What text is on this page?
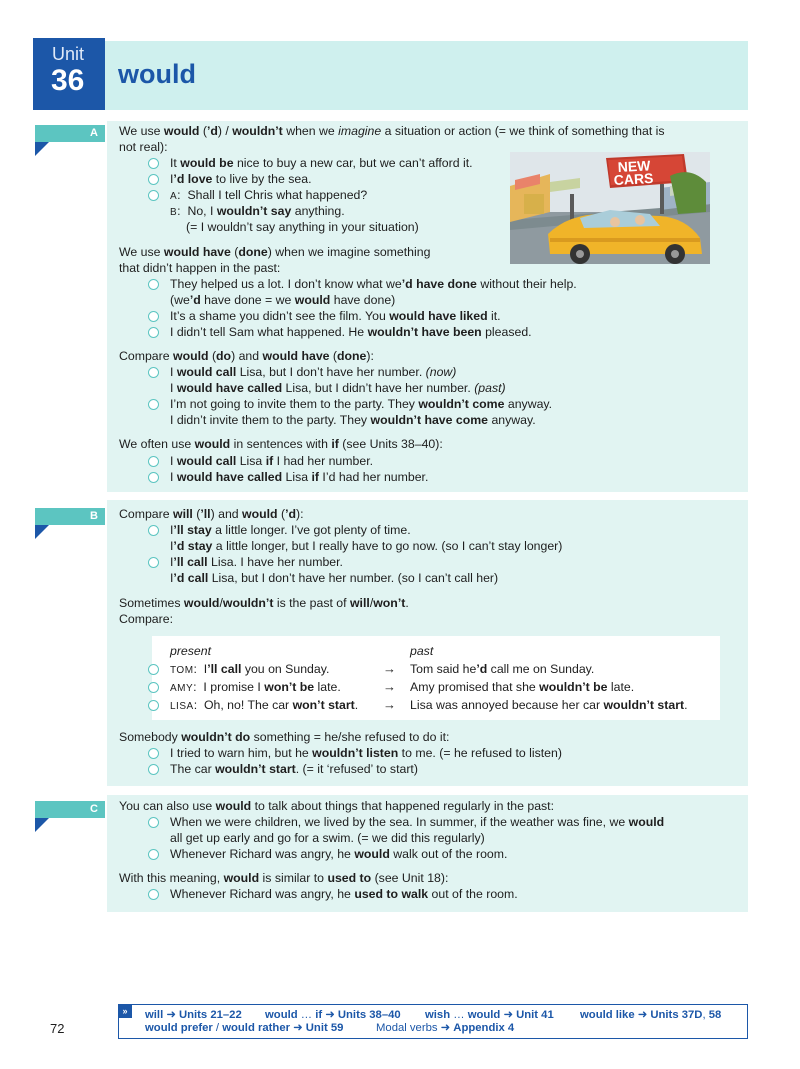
Unit
36 would
A	We use would (’d) / wouldn’t when we imagine a situation or action (= we think of something that is
not real):
It would be nice to buy a new car, but we can’t afford it.
I’d love to live by the sea.
A: Shall I tell Chris what happened?
B: No, I wouldn’t say anything.
(= I wouldn’t say anything in your situation)
NEW
CARS
We use would have (done) when we imagine something
that didn’t happen in the past:
They helped us a lot. I don’t know what we’d have done without their help.
(we’d have done = we would have done)
It’s a shame you didn’t see the film. You would have liked it.
I didn’t tell Sam what happened. He wouldn’t have been pleased.
Compare would (do) and would have (done):
I would call Lisa, but I don’t have her number. (now)
I would have called Lisa, but I didn’t have her number. (past)
I’m not going to invite them to the party. They wouldn’t come anyway.
I didn’t invite them to the party. They wouldn’t have come anyway.
We often use would in sentences with if (see Units 38–40):
I would call Lisa if I had her number.
I would have called Lisa if I’d had her number.
B	Compare will (’ll) and would (’d):
I’ll stay a little longer. I’ve got plenty of time.
I’d stay a little longer, but I really have to go now. (so I can’t stay longer)
I’ll call Lisa. I have her number.
I’d call Lisa, but I don’t have her number. (so I can’t call her)
Sometimes would/wouldn’t is the past of will/won’t.
Compare:
present	past
TOM:  I’ll call you on Sunday.	→ Tom said he’d call me on Sunday.
AMY:  I promise I won’t be late.	→ Amy promised that she wouldn’t be late.
LISA:  Oh, no! The car won’t start. → Lisa was annoyed because her car wouldn’t start.
Somebody wouldn’t do something = he/she refused to do it:
I tried to warn him, but he wouldn’t listen to me. (= he refused to listen)
The car wouldn’t start. (= it ‘refused’ to start)
C	You can also use would to talk about things that happened regularly in the past:
When we were children, we lived by the sea. In summer, if the weather was fine, we would
all get up early and go for a swim. (= we did this regularly)
Whenever Richard was angry, he would walk out of the room.
With this meaning, would is similar to used to (see Unit 18):
Whenever Richard was angry, he used to walk out of the room.
»	will ➜ Units 21–22 would … if ➜ Units 38–40 wish … would ➜ Unit 41 would like ➜ Units 37D, 58
would prefer / would rather ➜ Unit 59	Modal verbs ➜ Appendix 4
72
